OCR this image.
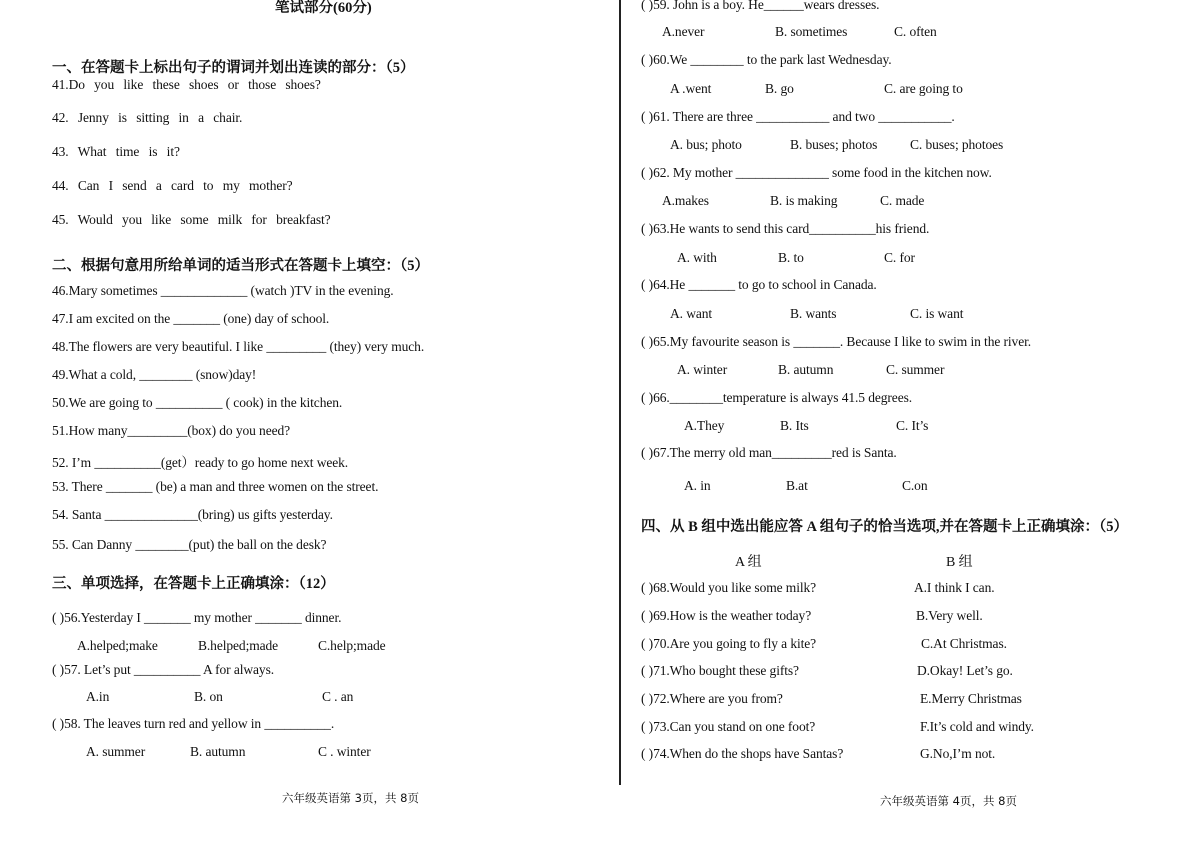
笔试部分(60分)
一、在答题卡上标出句子的谓词并划出连读的部分：（5）
41.Do you like these shoes or those shoes?
42. Jenny is sitting in a chair.
43. What time is it?
44. Can I send a card to my mother?
45. Would you like some milk for breakfast?
二、根据句意用所给单词的适当形式在答题卡上填空：（5）
46.Mary sometimes _____________ (watch )TV in the evening.
47.I am excited on the _______ (one) day of school.
48.The flowers are very beautiful. I like _________ (they) very much.
49.What a cold, ________ (snow)day!
50.We are going to __________ ( cook) in the kitchen.
51.How many_________(box) do you need?
52. I’m __________(get）ready to go home next week.
53. There _______ (be) a man and three women on the street.
54. Santa ______________(bring) us gifts yesterday.
55. Can Danny ________(put) the ball on the desk?
三、单项选择，在答题卡上正确填涂：（12）
( )56.Yesterday I _______ my mother _______ dinner.
A.helped;make	B.helped;made	C.help;made
( )57. Let’s put __________ A for always.
A.in	B. on	C . an
( )58. The leaves turn red and yellow in __________.
A. summer	B. autumn	C . winter
六年级英语第 3页，共 8页
( )59. John is a boy. He______wears dresses.
A.never	B. sometimes	C. often
( )60.We ________ to the park last Wednesday.
A .went	B. go	C. are going to
( )61. There are three ___________ and two ___________.
A. bus; photo	B. buses; photos C. buses; photoes
( )62. My mother ______________ some food in the kitchen now.
A.makes	B. is making	C. made
( )63.He wants to send this card__________his friend.
A. with	B. to	C. for
( )64.He _______ to go to school in Canada.
A. want	B. wants	C. is want
( )65.My favourite season is _______. Because I like to swim in the river.
A. winter	B. autumn	C. summer
( )66.________temperature is always 41.5 degrees.
A.They	B. Its	C. It’s
( )67.The merry old man_________red is Santa.
A. in	B.at	C.on
四、从 B 组中选出能应答 A 组句子的恰当选项,并在答题卡上正确填涂：（5）
A 组	B 组
( )68.Would you like some milk?	A.I think I can.
( )69.How is the weather today?	B.Very well.
( )70.Are you going to fly a kite?	C.At Christmas.
( )71.Who bought these gifts?	D.Okay! Let’s go.
( )72.Where are you from?	E.Merry Christmas
( )73.Can you stand on one foot?	F.It’s cold and windy.
( )74.When do the shops have Santas?	G.No,I’m not.
六年级英语第 4页，共 8页
